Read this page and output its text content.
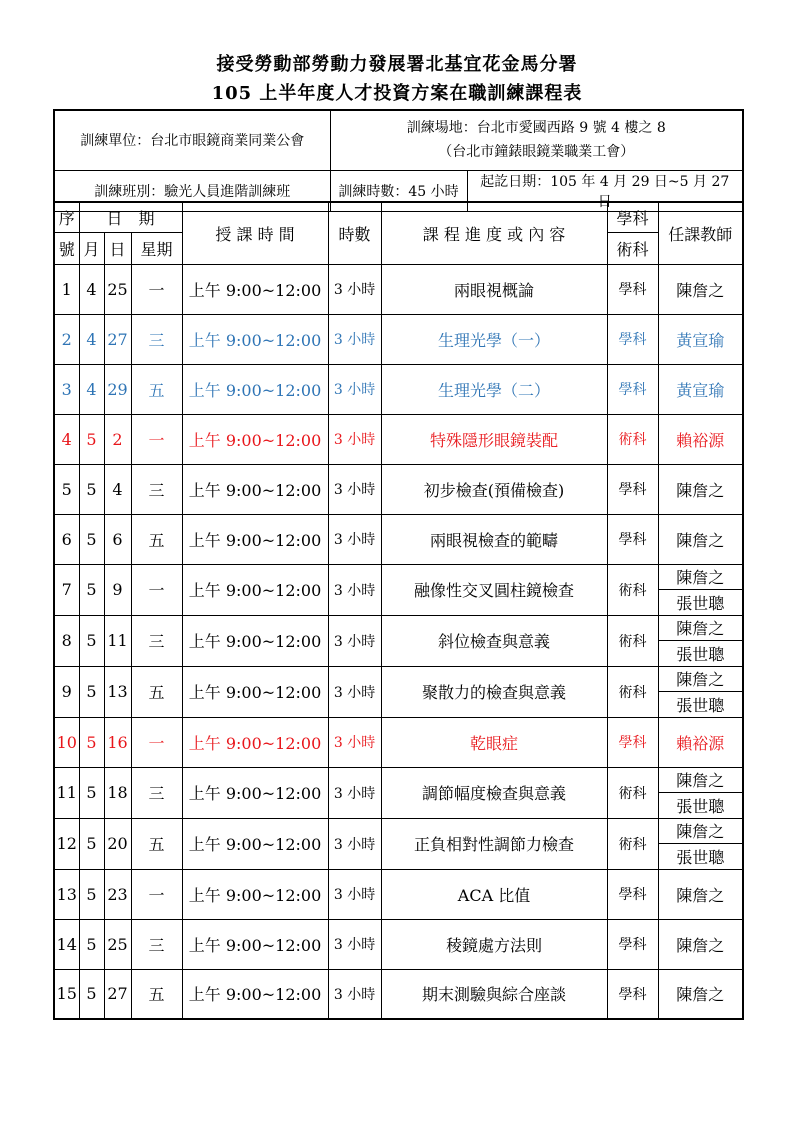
接受勞動部勞動力發展署北基宜花金馬分署
105 上半年度人才投資方案在職訓練課程表
訓練單位：台北市眼鏡商業同業公會	訓練場地：台北市愛國西路 9 號 4 樓之 8
（台北市鐘錶眼鏡業職業工會）	

訓練班別：驗光人員進階訓練班	訓練時數：45 小時	起訖日期：105 年 4 月 29 日~5 月 27 日
序	日　期			授 課 時 間	時數	課 程 進 度 或 內 容	學科	任課教師
號	月	日	星期				術科	
1	4	25	一	上午 9:00~12:00	3 小時	兩眼視概論	學科	陳詹之
2	4	27	三	上午 9:00~12:00	3 小時	生理光學（一）	學科	黃宣瑜
3	4	29	五	上午 9:00~12:00	3 小時	生理光學（二）	學科	黃宣瑜
4	5	2	一	上午 9:00~12:00	3 小時	特殊隱形眼鏡裝配	術科	賴裕源
5	5	4	三	上午 9:00~12:00	3 小時	初步檢查(預備檢查)	學科	陳詹之
6	5	6	五	上午 9:00~12:00	3 小時	兩眼視檢查的範疇	學科	陳詹之
7	5	9	一	上午 9:00~12:00	3 小時	融像性交叉圓柱鏡檢查	術科	陳詹之
張世聰

8	5	11	三	上午 9:00~12:00	3 小時	斜位檢查與意義	術科	陳詹之
張世聰

9	5	13	五	上午 9:00~12:00	3 小時	聚散力的檢查與意義	術科	陳詹之
張世聰

10	5	16	一	上午 9:00~12:00	3 小時	乾眼症	學科	賴裕源
11	5	18	三	上午 9:00~12:00	3 小時	調節幅度檢查與意義	術科	陳詹之
張世聰

12	5	20	五	上午 9:00~12:00	3 小時	正負相對性調節力檢查	術科	陳詹之
張世聰

13	5	23	一	上午 9:00~12:00	3 小時	ACA 比值	學科	陳詹之
14	5	25	三	上午 9:00~12:00	3 小時	稜鏡處方法則	學科	陳詹之
15	5	27	五	上午 9:00~12:00	3 小時	期末測驗與綜合座談	學科	陳詹之
